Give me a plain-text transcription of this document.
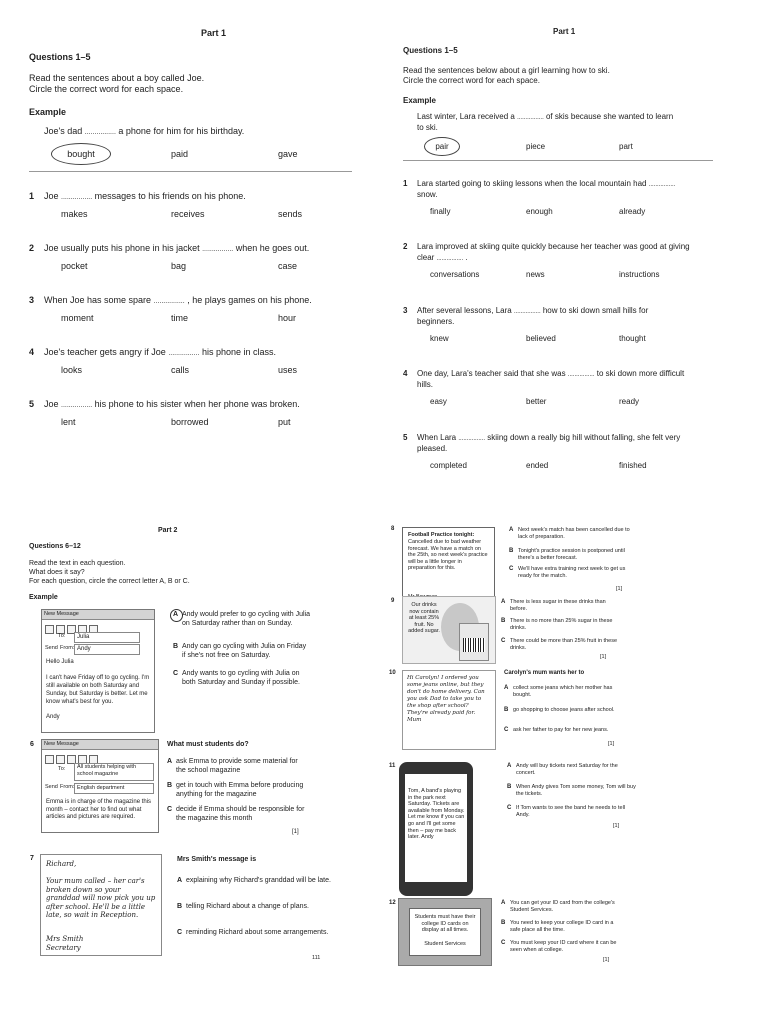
Part 1
Questions 1–5
Read the sentences about a boy called Joe.
Circle the correct word for each space.
Example
Joe's dad ................ a phone for him for his birthday.
bought	paid	gave
1 Joe ................ messages to his friends on his phone.
makes	receives	sends
2 Joe usually puts his phone in his jacket ................ when he goes out.
pocket	bag	case
3 When Joe has some spare ................ , he plays games on his phone.
moment	time	hour
4 Joe's teacher gets angry if Joe ................ his phone in class.
looks	calls	uses
5 Joe ................ his phone to his sister when her phone was broken.
lent	borrowed	put
Part 1
Questions 1–5
Read the sentences below about a girl learning how to ski.
Circle the correct word for each space.
Example
Last winter, Lara received a ................ of skis because she wanted to learn
to ski.
pair	piece	part
1 Lara started going to skiing lessons when the local mountain had ................
snow.
finally	enough	already
2 Lara improved at skiing quite quickly because her teacher was good at giving
clear ................ .
conversations	news	instructions
3 After several lessons, Lara ................ how to ski down small hills for
beginners.
knew	believed	thought
4 One day, Lara's teacher said that she was ................ to ski down more difficult
hills.
easy	better	ready
5 When Lara ................ skiing down a really big hill without falling, she felt very
pleased.
completed	ended	finished
Part 2
Questions 6–12
Read the text in each question.
What does it say?
For each question, circle the correct letter A, B or C.
Example
New Message
To:	Julia
Send From: Andy
Hello Julia
I can't have Friday off to go cycling. I'm still available on both Saturday and Sunday, but Saturday is better. Let me know what's best for you.
Andy
A Andy would prefer to go cycling with Julia on Saturday rather than on Sunday.
B Andy can go cycling with Julia on Friday if she's not free on Saturday.
C Andy wants to go cycling with Julia on both Saturday and Sunday if possible.
6	New Message
To:	All students helping with school magazine
Send From: English department
Emma is in charge of the magazine this month – contact her to find out what articles and pictures are required.
What must students do?
A ask Emma to provide some material for the school magazine
B get in touch with Emma before producing anything for the magazine
C decide if Emma should be responsible for the magazine this month
[1]
7
Richard,
Your mum called – her car's broken down so your granddad will now pick you up after school. He'll be a little late, so wait in Reception.
Mrs Smith
Secretary
Mrs Smith's message is
A explaining why Richard's granddad will be late.
B telling Richard about a change of plans.
C reminding Richard about some arrangements.
111
8
Football Practice tonight:
Cancelled due to bad weather forecast. We have a match on the 25th, so next week's practice will be a little longer in preparation for this.
A Next week's match has been cancelled due to lack of preparation.
B Tonight's practice session is postponed until there's a better forecast.
C We'll have extra training next week to get us ready for the match.
[1]
9
Our drinks now contain at least 25% fruit. No added sugar.
A There is less sugar in these drinks than before.
B There is no more than 25% sugar in these drinks.
C There could be more than 25% fruit in these drinks.
[1]
10
Hi Carolyn! I ordered you some jeans online, but they don't do home delivery. Can you ask Dad to take you to the shop after school? They're already paid for. Mum
Carolyn's mum wants her to
A collect some jeans which her mother has bought.
B go shopping to choose jeans after school.
C ask her father to pay for her new jeans.
[1]
11
Tom, A band's playing in the park next Saturday. Tickets are available from Monday. Let me know if you can go and I'll get some then – pay me back later. Andy
A Andy will buy tickets next Saturday for the concert.
B When Andy gives Tom some money, Tom will buy the tickets.
C If Tom wants to see the band he needs to tell Andy.
[1]
12
Students must have their college ID cards on display at all times.
Student Services
A You can get your ID card from the college's Student Services.
B You need to keep your college ID card in a safe place all the time.
C You must keep your ID card where it can be seen when at college.
[1]
